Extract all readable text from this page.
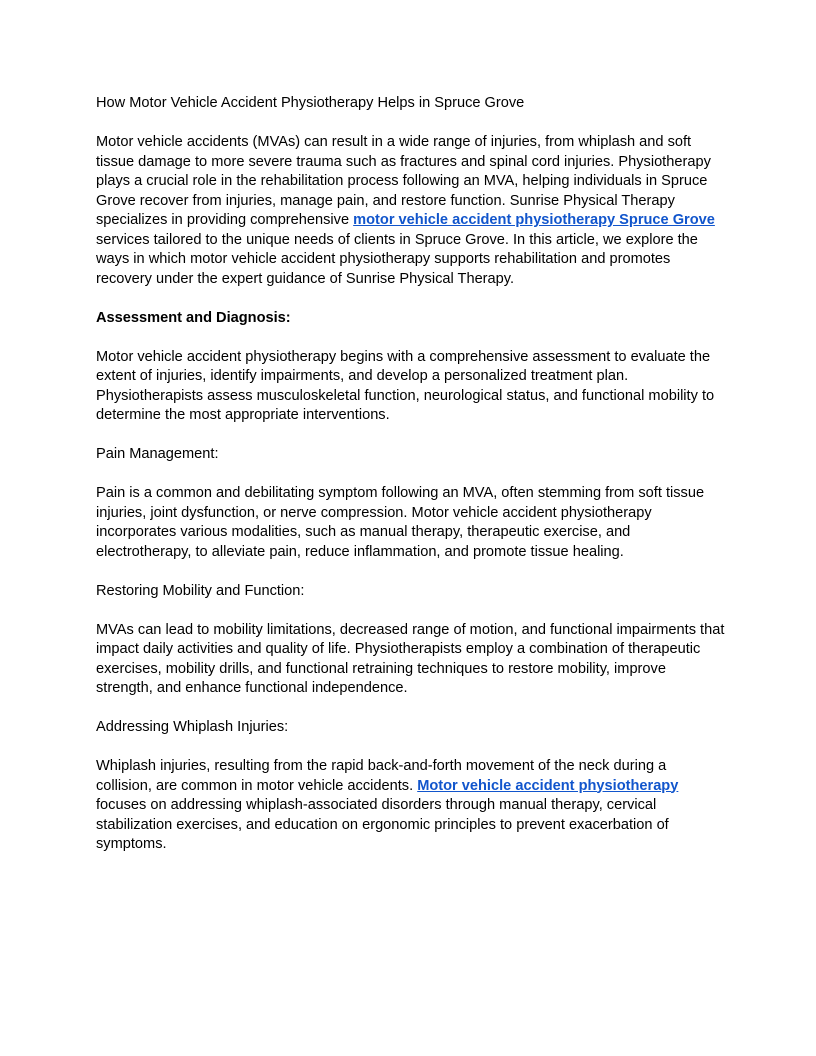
How Motor Vehicle Accident Physiotherapy Helps in Spruce Grove

Motor vehicle accidents (MVAs) can result in a wide range of injuries, from whiplash and soft tissue damage to more severe trauma such as fractures and spinal cord injuries. Physiotherapy plays a crucial role in the rehabilitation process following an MVA, helping individuals in Spruce Grove recover from injuries, manage pain, and restore function. Sunrise Physical Therapy specializes in providing comprehensive motor vehicle accident physiotherapy Spruce Grove services tailored to the unique needs of clients in Spruce Grove. In this article, we explore the ways in which motor vehicle accident physiotherapy supports rehabilitation and promotes recovery under the expert guidance of Sunrise Physical Therapy.

Assessment and Diagnosis:

Motor vehicle accident physiotherapy begins with a comprehensive assessment to evaluate the extent of injuries, identify impairments, and develop a personalized treatment plan. Physiotherapists assess musculoskeletal function, neurological status, and functional mobility to determine the most appropriate interventions.

Pain Management:

Pain is a common and debilitating symptom following an MVA, often stemming from soft tissue injuries, joint dysfunction, or nerve compression. Motor vehicle accident physiotherapy incorporates various modalities, such as manual therapy, therapeutic exercise, and electrotherapy, to alleviate pain, reduce inflammation, and promote tissue healing.

Restoring Mobility and Function:

MVAs can lead to mobility limitations, decreased range of motion, and functional impairments that impact daily activities and quality of life. Physiotherapists employ a combination of therapeutic exercises, mobility drills, and functional retraining techniques to restore mobility, improve strength, and enhance functional independence.

Addressing Whiplash Injuries:

Whiplash injuries, resulting from the rapid back-and-forth movement of the neck during a collision, are common in motor vehicle accidents. Motor vehicle accident physiotherapy focuses on addressing whiplash-associated disorders through manual therapy, cervical stabilization exercises, and education on ergonomic principles to prevent exacerbation of symptoms.
